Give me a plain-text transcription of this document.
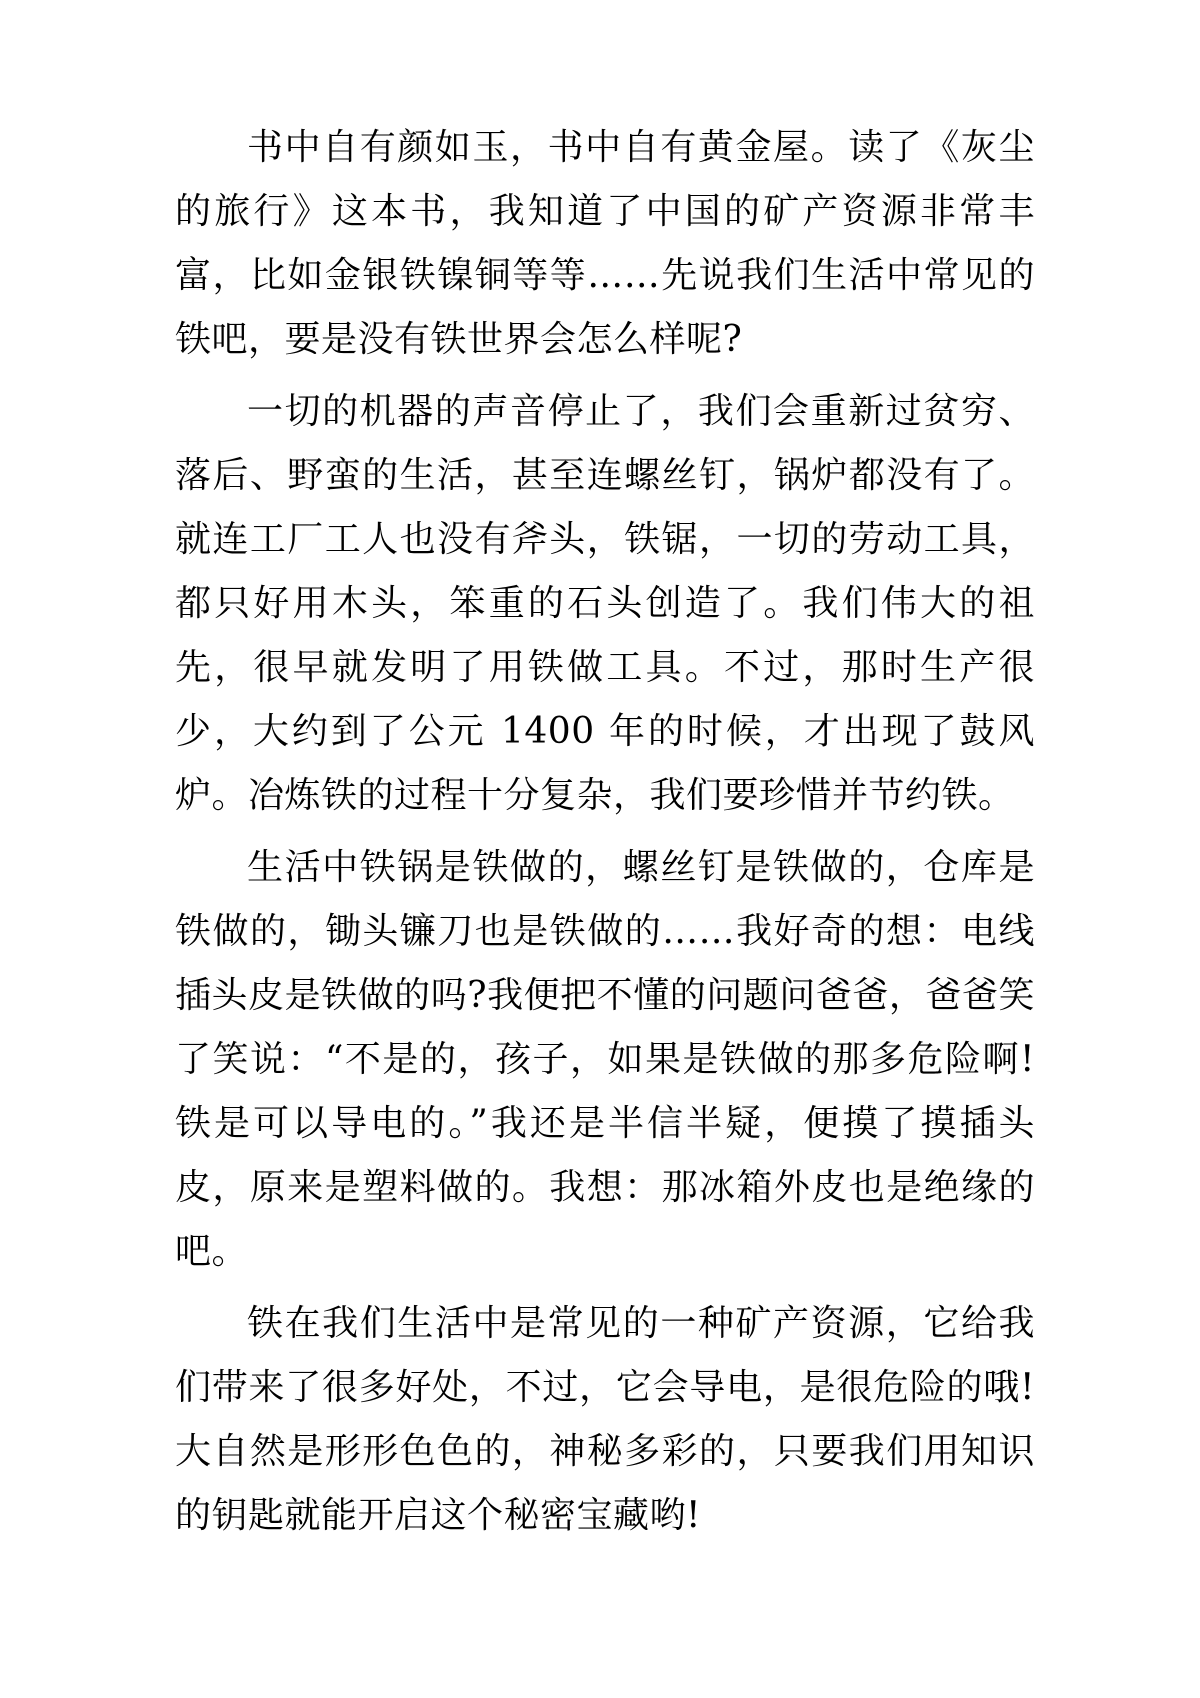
书中自有颜如玉，书中自有黄金屋。读了《灰尘的旅行》这本书，我知道了中国的矿产资源非常丰富，比如金银铁镍铜等等……先说我们生活中常见的铁吧，要是没有铁世界会怎么样呢?

一切的机器的声音停止了，我们会重新过贫穷、落后、野蛮的生活，甚至连螺丝钉，锅炉都没有了。就连工厂工人也没有斧头，铁锯，一切的劳动工具，都只好用木头，笨重的石头创造了。我们伟大的祖先，很早就发明了用铁做工具。不过，那时生产很少，大约到了公元 1400 年的时候，才出现了鼓风炉。冶炼铁的过程十分复杂，我们要珍惜并节约铁。

生活中铁锅是铁做的，螺丝钉是铁做的，仓库是铁做的，锄头镰刀也是铁做的……我好奇的想：电线插头皮是铁做的吗?我便把不懂的问题问爸爸，爸爸笑了笑说：“不是的，孩子，如果是铁做的那多危险啊!铁是可以导电的。”我还是半信半疑，便摸了摸插头皮，原来是塑料做的。我想：那冰箱外皮也是绝缘的吧。

铁在我们生活中是常见的一种矿产资源，它给我们带来了很多好处，不过，它会导电，是很危险的哦!大自然是形形色色的，神秘多彩的，只要我们用知识的钥匙就能开启这个秘密宝藏哟!
